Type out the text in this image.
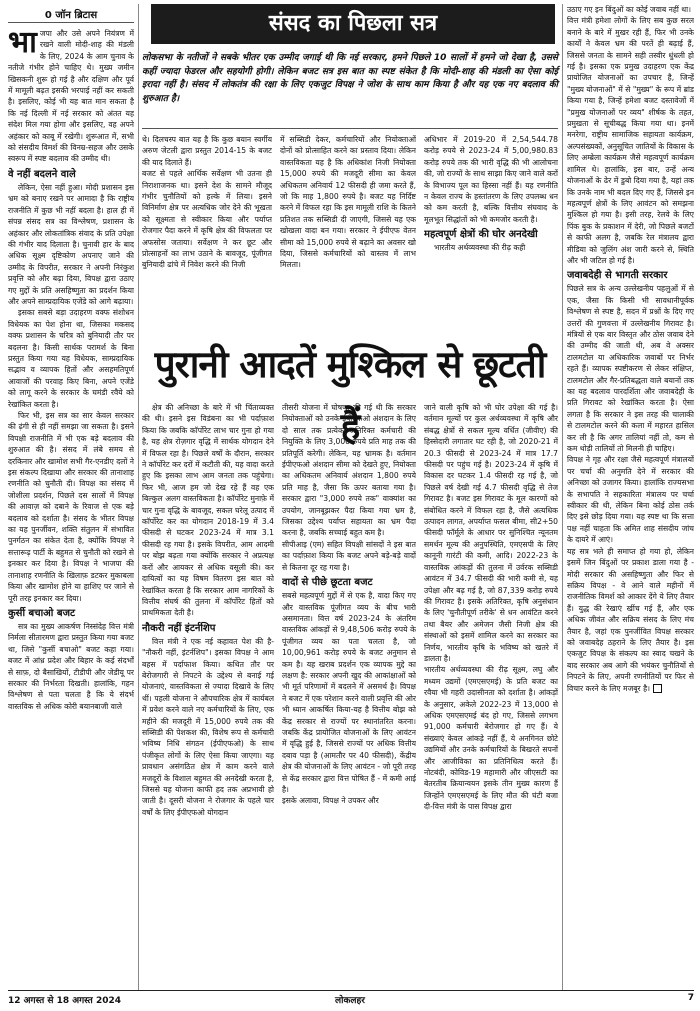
0 जॉन ब्रिटास
भा जपा और उसे अपने नियंत्रण में रखने वाली मोदी-शाह की मंडली के लिए, 2024 के आम चुनाव के नतीजे गंभीर होने चाहिए थे। मुख्य जमीन खिसकनी शुरू हो गई है और दक्षिण और पूर्व में मामूली बढ़त इसकी भरपाई नहीं कर सकती है। इसलिए, कोई भी यह बात मान सकता है कि नई दिल्ली में नई सरकार को अंतत यह संदेश मिल गया होगा और इसलिए, वह अपने अहंकार को काबू में रखेगी। शुरूआत में, सभी को संसदीय विमर्श की विनम्र-सहज और उसके स्वरूप में स्पष्ट बदलाव की उम्मीद थी।
वे नहीं बदलने वाले

लेकिन, ऐसा नहीं हुआ। मोदी प्रशासन इस भ्रम को बनाए रखने पर आमादा है कि राष्ट्रीय राजनीति में कुछ भी नहीं बदला है। हाल ही में संपन्न संसद सत्र का विश्लेषण, प्रशासन के अहंकार और लोकतांत्रिक संवाद के प्रति उपेक्षा की गंभीर याद दिलाता है। चुनावी हार के बाद अधिक सूक्ष्म दृष्टिकोण अपनाए जाने की उम्मीद के विपरीत, सरकार ने अपनी निरंकुश प्रवृत्ति को और बढ़ा दिया, विपक्ष द्वारा उठाए गए मुद्दों के प्रति असहिष्णुता का प्रदर्शन किया और अपने साम्प्रदायिक एजेंडे को आगे बढ़ाया।

इसका सबसे बड़ा उदाहरण वक्फ संशोधन विधेयक का पेश होना था, जिसका मकसद वक्फ प्रशासन के चरित्र को बुनियादी तौर पर बदलना है। किसी सार्थक परामर्श के बिना प्रस्तुत किया गया यह विधेयक, साम्प्रदायिक सद्भाव व व्यापक हितों और असहमतिपूर्ण आवाजों की परवाह किए बिना, अपने एजेंडे को लागू करने के सरकार के घमंडी रवैये को रेखांकित करता है।

फिर भी, इस सत्र का सार केवल सरकार की ढ़ंगी से ही नहीं समझा जा सकता है। इसने विपक्षी राजनीति में भी एक बड़े बदलाव की शुरुआत की है। संसद में लंबे समय से दरकिनार और खामोश सभी गैर-एनडीए दलों ने इस संकल्प दिखाया और सरकार की तानाशाह रणनीति को चुनौती दी। विपक्ष का संसद में जोशीला प्रदर्शन, पिछले दस सालों में विपक्ष की आवाज़ को दबाने के रिवाज से एक बड़े बदलाव को दर्शाता है। संसद के भीतर विपक्ष का यह पुनर्जीवन, शक्ति संतुलन में संभावित पुनर्गठन का संकेत देता है, क्योंकि विपक्ष ने सत्तारूढ़ पार्टी के बहुमत से चुनौती को रखने से इनकार कर दिया है। विपक्ष ने भाजपा की तानाशाह रणनीति के खिलाफ़ डटकर मुकाबला किया और खामोश होने या हाशिए पर जाने से पूरी तरह इनकार कर दिया।

कुर्सी बचाओ बजट

सत्र का मुख्य आकर्षण निस्संदेह वित्त मंत्री निर्मला सीतारमण द्वारा प्रस्तुत किया गया बजट था, जिसे "कुर्सी बचाओ" बजट कहा गया। बजट में आंध्र प्रदेश और बिहार के कई संदर्भों से साफ़, दो बैसाखियों, टीडीपी और जेडीयू पर सरकार की निर्भरता दिखती। हालांकि, गहन विश्लेषण से पता चलता है कि ये संदर्भ वास्तविक से अधिक कोरी बयानबाजी वाले

संसद का पिछला सत्र
लोकसभा के नतीजों ने सबके भीतर एक उम्मीद जगाई थी कि नई सरकार, हमने पिछले 10 सालों में हमने जो देखा है, उससे कहीं ज्यादा फेडरल और सहयोगी होगी। लेकिन बजट सत्र इस बात का स्पष्ट संकेत है कि मोदी-शाह की मंडली का ऐसा कोई इरादा नहीं है। संसद में लोकतंत्र की रक्षा के लिए एकजुट विपक्ष ने जोश के साथ काम किया है और यह एक नए बदलाव की शुरुआत है।
थे। दिलचस्प बात यह है कि कुछ बयान स्वर्गीय अरुण जेटली द्वारा प्रस्तुत 2014-15 के बजट की याद दिलाते हैं।
बजट से पहले आर्थिक सर्वेक्षण भी उतना ही निराशाजनक था। इसने देश के सामने मौजूद गंभीर चुनौतियों को हल्के में लिया। इसने विनिर्माण क्षेत्र पर अत्यधिक जोर देने की भूखता को सूक्ष्मता से स्वीकार किया और पर्याप्त रोजगार पैदा करने में कृषि क्षेत्र की विफलता पर अफसोस जताया। सर्वेक्षण ने कर छूट और प्रोत्साहनों का लाभ उठाने के बावजूद, पूंजीगत बुनियादी ढांचे में निवेश करने की निजी
में सब्सिडी देकर, कर्मचारियों और नियोक्ताओं दोनों को प्रोत्साहित करने का प्रस्ताव दिया। लेकिन वास्तविकता यह है कि अधिकांश निजी नियोक्ता 15,000 रुपये की मजदूरी सीमा का केवल अधिकतम अनिवार्य 12 फीसदी ही जमा करते हैं, जो कि माह 1,800 रुपये है। बजट यह निर्दिष्ट करने में विफल रहा कि इस मामूली राशि के कितने प्रतिशत तक सब्सिडी दी जाएगी, जिससे यह एक खोखला वादा बन गया। सरकार ने ईपीएफ वेतन सीमा को 15,000 रुपये से बढ़ाने का अवसर खो दिया, जिससे कर्मचारियों को वास्तव में लाभ मिलता।
अधिभार में 2019-20 में 2,54,544.78 करोड़ रुपये से 2023-24 में 5,00,980.83 करोड़ रुपये तक की भारी वृद्धि की भी आलोचना की, जो राज्यों के साथ साझा किए जाने वाले करों के विभाज्य पूल का हिस्सा नहीं हैं। यह रणनीति न केवल राज्य के हस्तांतरण के लिए उपलब्ध धन को कम करती है, बल्कि वित्तीय संघवाद के मूलभूत सिद्धांतों को भी कमजोर करती है।
महत्वपूर्ण क्षेत्रों की घोर अनदेखी

भारतीय अर्थव्यवस्था की रीढ़ कही

पुरानी आदतें मुश्किल से छूटती हैं

क्षेत्र की अनिच्छा के बारे में भी चिंताव्यक्त की थी। इसने इस विडंबना का भी पर्दाफ़ाश किया कि जबकि कॉर्पोरेट लाभ चार गुना हो गया है, यह क्षेत्र रोज़गार वृद्धि में सार्थक योगदान देने में विफल रहा है। पिछले वर्षों के दौरान, सरकार ने कॉर्पोरेट कर दरों में कटौती की, यह वादा करते हुए कि इसका लाभ आम जनता तक पहुंचेगा। फिर भी, आज हम जो देख रहे हैं वह एक बिल्कुल अलग वास्तविकता है। कॉर्पोरेट मुनाफ़े में चार गुना वृद्धि के बावजूद, सकल घरेलू उत्पाद में कॉर्पोरेट कर का योगदान 2018-19 में 3.4 फीसदी से घटकर 2023-24 में मात्र 3.1 फीसदी रह गया है। इसके विपरीत, आम आदमी पर बोझ बढ़ता गया क्योंकि सरकार ने अप्रत्यक्ष करों और आयकर से अधिक वसूली की। कर दायित्वों का यह विषम वितरण इस बात को रेखांकित करता है कि सरकार आम नागरिकों के वित्तीय संघर्ष की तुलना में कॉर्पोरेट हितों को प्राथमिकता देती है।

नौकरी नहीं इंटर्नशिप

वित्त मंत्री ने एक नई कहावत पेश की है-"नौकरी नहीं, इंटर्नशिप"। इसका विपक्ष ने आम बहस में पर्दाफाश किया। कथित तौर पर बेरोजगारी से निपटने के उद्देश्य से बनाई गई योजनाएं, वास्तविकता से ज्यादा दिखावे के लिए थीं। पहली योजना ने औपचारिक क्षेत्र में कार्यबल में प्रवेश करने वाले नए कर्मचारियों के लिए, एक महीने की मजदूरी में 15,000 रुपये तक की सब्सिडी की पेशकश की, विशेष रूप से कर्मचारी भविष्य निधि संगठन (ईपीएफओ) के साथ पंजीकृत लोगों के लिए ऐसा किया जाएगा। यह प्रावधान असंगठित क्षेत्र में काम करने वाले मजदूरों के विशाल बहुमत की अनदेखी करता है, जिससे यह योजना काफी हद तक अप्रभावी हो जाती है। दूसरी योजना ने रोजगार के पहले चार वर्षों के लिए ईपीएफओ योगदान

तीसरी योजना में घोषणा की गई थी कि सरकार नियोक्ताओं को उनके ईपीएफओ अंशदान के लिए दो साल तक प्रत्येक अतिरिक्त कर्मचारी की नियुक्ति के लिए 3,000 रुपये प्रति माह तक की प्रतिपूर्ति करेगी। लेकिन, यह भ्रामक है। वर्तमान ईपीएफओ अंशदान सीमा को देखते हुए, नियोक्ता का अधिकतम अनिवार्य अंशदान 1,800 रुपये प्रति माह है, जैसा कि ऊपर बताया गया है। सरकार द्वारा "3,000 रुपये तक" वाक्यांश का उपयोग, जानबूझकर पैदा किया गया भ्रम है, जिसका उद्देश्य पर्याप्त सहायता का भ्रम पैदा करना है, जबकि सच्चाई बहुत कम है।
सीपीआइ (एम) सहित विपक्षी सांसदों ने इस बात का पर्दाफ़ाश किया कि बजट अपने बड़े-बड़े वादों से कितना दूर रह गया है।
वादों से पीछे छूटता बजट
सबसे महत्वपूर्ण मुद्दों में से एक है, वादा किए गए और वास्तविक पूंजीगत व्यय के बीच भारी असमानता। वित्त वर्ष 2023-24 के अंतरिम वास्तविक आंकड़ों से 9,48,506 करोड़ रुपये के पूंजीगत व्यय का पता चलता है, जो 10,00,961 करोड़ रुपये के बजट अनुमान से कम है। यह खराब प्रदर्शन एक व्यापक मुद्दे का लक्षण है: सरकार अपनी खुद की आकांक्षाओं को भी मूर्त परिणामों में बदलने में असमर्थ है। विपक्ष ने बजट में एक परेशान करने वाली प्रवृत्ति की ओर भी ध्यान आकर्षित किया-यह है वित्तीय बोझ को केंद्र सरकार से राज्यों पर स्थानांतरित करना। जबकि केंद्र प्रायोजित योजनाओं के लिए आवंटन में वृद्धि हुई है, जिससे राज्यों पर अधिक वित्तीय दबाव पड़ा है (आमतौर पर 40 फीसदी), केंद्रीय क्षेत्र की योजनाओं के लिए आवंटन - जो पूरी तरह से केंद्र सरकार द्वारा वित्त पोषित हैं - में कमी आई है।
इसके अलावा, विपक्ष ने उपकर और
जाने वाली कृषि को भी घोर उपेक्षा की गई है। वर्तमान मूल्यों पर कुल अर्थव्यवस्था में कृषि और संबद्ध क्षेत्रों से सकल मूल्य वर्धित (जीवीए) की हिस्सेदारी लगातार घट रही है, जो 2020-21 में 20.3 फीसदी से 2023-24 में मात्र 17.7 फीसदी पर पहुंच गई है। 2023-24 में कृषि में विकास दर घटकर 1.4 फीसदी रह गई है, जो पिछले वर्ष देखी गई 4.7 फीसदी वृद्धि से तेज गिरावट है। बजट इस गिरावट के मूल कारणों को संबोधित करने में विफल रहा है, जैसे अत्यधिक उत्पादन लागत, अपर्याप्त फसल बीमा, सी2+50 फीसदी फॉर्मूले के आधार पर सुनिश्चित न्यूनतम समर्थन मूल्य की अनुपस्थिति, एमएसपी के लिए कानूनी गारंटी की कमी, आदि। 2022-23 के वास्तविक आंकड़ों की तुलना में उर्वरक सब्सिडी आवंटन में 34.7 फीसदी की भारी कमी से, यह उपेक्षा और बढ़ गई है, जो 87,339 करोड़ रुपये की गिरावट है। इसके अतिरिक्त, कृषि अनुसंधान के लिए 'चुनौतीपूर्ण तरीके' से धन आवंटित करने तथा बैयर और अमेजन जैसी निजी क्षेत्र की संस्थाओं को इसमें शामिल करने का सरकार का निर्णय, भारतीय कृषि के भविष्य को खतरे में डालता है।
भारतीय अर्थव्यवस्था की रीढ़ सूक्ष्म, लघु और मध्यम उद्यमों (एमएसएमई) के प्रति बजट का रवैया भी गहरी उदासीनता को दर्शाता है। आंकड़ों के अनुसार, अकेले 2022-23 में 13,000 से अधिक एमएसएमई बंद हो गए, जिससे लगभग 91,000 कर्मचारी बेरोजगार हो गए हैं। ये संख्याएं केवल आंकड़े नहीं हैं, ये अनगिनत छोटे उद्यमियों और उनके कर्मचारियों के बिखरते सपनों और आजीविका का प्रतिनिधित्व करते हैं। नोटबंदी, कोविड-19 महामारी और जीएसटी का बेतरतीब क्रियान्वयन इसके तीन मुख्य कारण हैं जिन्होंने एमएसएमई के लिए मौत की घंटी बजा दी-वित्त मंत्री के पास विपक्ष द्वारा
उठाए गए इन बिंदुओं का कोई जवाब नहीं था।
वित्त मंत्री हमेशा लोगों के लिए सब कुछ सरल बनाने के बारे में मुखर रही हैं, फिर भी उनके कार्यों ने केवल भ्रम की परतें ही बढ़ाई हैं, जिससे जनता के सामने सही तस्वीर धुंधली हो गई है। इसका एक प्रमुख उदाहरण एक केंद्र प्रायोजित योजनाओं का उपचार है, जिन्हें "मुख्य योजनाओं" में से "मुख्य" के रूप में ब्रांड किया गया है, जिन्हें हमेशा बजट दस्तावेजों में "प्रमुख योजनाओं पर व्यय" शीर्षक के तहत, प्रमुखता से सूचीबद्ध किया गया था। इनमें मनरेगा, राष्ट्रीय सामाजिक सहायता कार्यक्रम, अल्पसंख्यकों, अनुसूचित जातियों के विकास के लिए अम्ब्रेला कार्यक्रम जैसे महत्वपूर्ण कार्यक्रम शामिल थे। हालांकि, इस बार, उन्हें अन्य योजनाओं के ढेर में डुबो दिया गया है, यहां तक कि उनके नाम भी बदल दिए गए हैं, जिससे इन महत्वपूर्ण क्षेत्रों के लिए आवंटन को समझना मुश्किल हो गया है। इसी तरह, रेलवे के लिए पिंक बुक के प्रकाशन में देरी, जो पिछले बजटों से काफी अलग है, जबकि रेल मंत्रालय द्वारा मीडिया को जुलिंग अंश जारी करने से, स्थिति और भी जटिल हो गई है।
जवाबदेही से भागती सरकार
पिछले सत्र के अन्य उल्लेखनीय पहलुओं में से एक, जैसा कि किसी भी सावधानीपूर्वक विश्लेषण से स्पष्ट है, सदन में प्रश्नों के दिए गए उत्तरों की गुणवत्ता में उल्लेखनीय गिरावट है। मंत्रियों से एक बार विस्तृत और ठोस जवाब देने की उम्मीद की जाती थी, अब वे अक्सर टालमटोल या अधिकारिक जवाबों पर निर्भर रहते हैं। व्यापक स्पष्टीकरण से लेकर संक्षिप्त, टालमटोल और गैर-प्रतिबद्धता वाले बयानों तक का यह बदलाव पारदर्शिता और जवाबदेही के प्रति गिरावट को रेखांकित करता है। ऐसा लगता है कि सरकार ने इस तरह की चालाकी से टालमटोल करने की कला में महारत हासिल कर ली है कि अगर तालियां नहीं तो, कम से कम थोड़ी तालियों तो मिलनी ही चाहिए।
विपक्ष ने गृह और रक्षा जैसे महत्वपूर्ण मंत्रालयों पर चर्चा की अनुमति देने में सरकार की अनिच्छा को उजागर किया। हालांकि राज्यसभा के सभापति ने सहकारिता मंत्रालय पर चर्चा स्वीकार की थी, लेकिन बिना कोई ठोस तर्क दिए इसे छोड़ दिया गया। यह स्पष्ट था कि सत्ता पक्ष नहीं चाहता कि अमित शाह संसदीय जांच के दायरे में आएं।
यह सत्र भले ही समाप्त हो गया हो, लेकिन इसमें जिन बिंदुओं पर प्रकाश डाला गया है - मोदी सरकार की असहिष्णुता और फिर से सक्रिय विपक्ष - वे आने वाले महीनों में राजनीतिक विमर्श को आकार देंगे ये लिए तैयार हैं। युद्ध की रेखाएं खींच गई हैं, और एक अधिक जीवंत और सक्रिय संसद के लिए मंच तैयार है, जहां एक पुनर्जीवित विपक्ष सरकार को जवाबदेह ठहराने के लिए तैयार है। इस एकजुट विपक्ष के संकल्प का स्वाद चखने के बाद सरकार अब आगे की भयंकर चुनौतियों से निपटने के लिए, अपनी रणनीतियों पर फिर से विचार करने के लिए मजबूर है।
12 अगस्त से 18 अगस्त 2024	लोकलहर	7
